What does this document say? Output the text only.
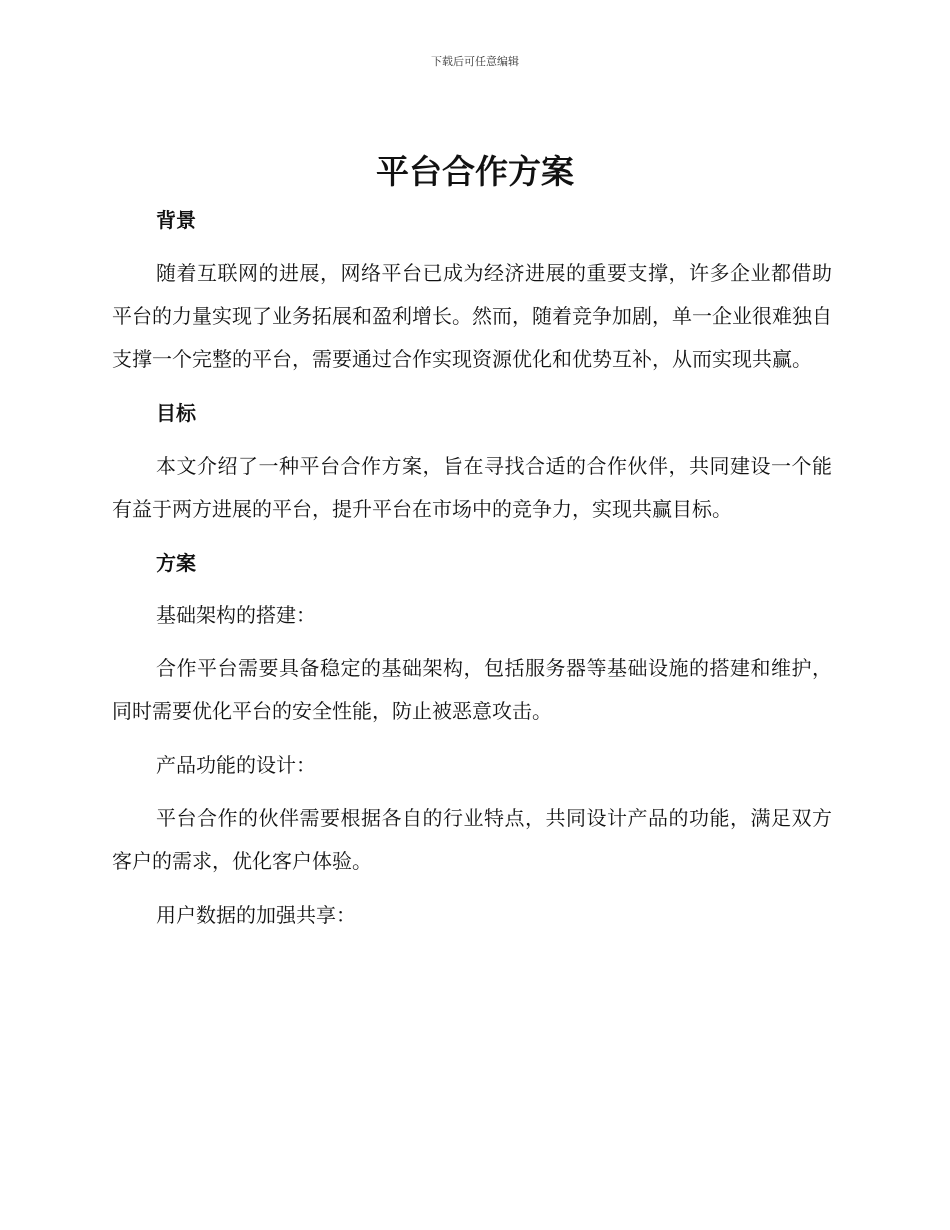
下载后可任意编辑
平台合作方案
背景

随着互联网的进展，网络平台已成为经济进展的重要支撑，许多企业都借助平台的力量实现了业务拓展和盈利增长。然而，随着竞争加剧，单一企业很难独自支撑一个完整的平台，需要通过合作实现资源优化和优势互补，从而实现共赢。

目标

本文介绍了一种平台合作方案，旨在寻找合适的合作伙伴，共同建设一个能有益于两方进展的平台，提升平台在市场中的竞争力，实现共赢目标。

方案

基础架构的搭建：

合作平台需要具备稳定的基础架构，包括服务器等基础设施的搭建和维护，同时需要优化平台的安全性能，防止被恶意攻击。

产品功能的设计：

平台合作的伙伴需要根据各自的行业特点，共同设计产品的功能，满足双方客户的需求，优化客户体验。

用户数据的加强共享：
